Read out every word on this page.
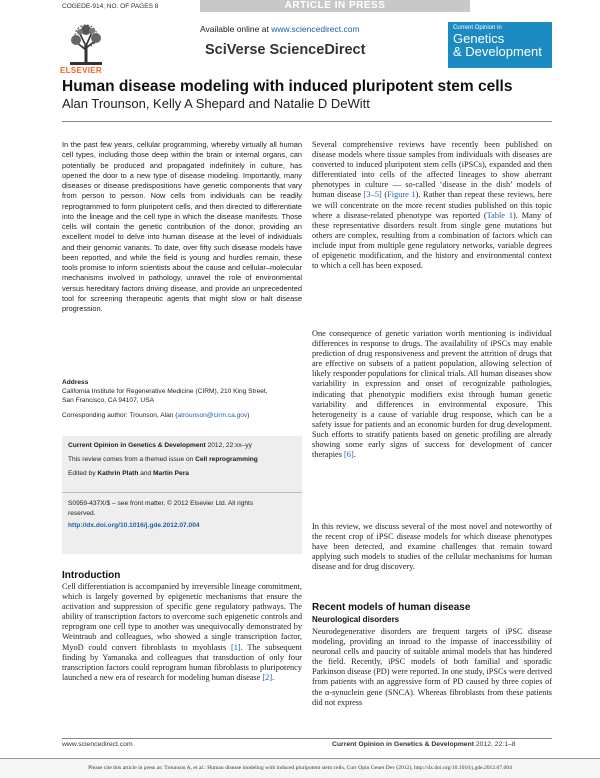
COGEDE-914; NO. OF PAGES 8	ARTICLE IN PRESS
ELSEVIER
Available online at www.sciencedirect.com
SciVerse ScienceDirect
Current Opinion in
Genetics
& Development
Human disease modeling with induced pluripotent stem cells
Alan Trounson, Kelly A Shepard and Natalie D DeWitt
In the past few years, cellular programming, whereby virtually all human cell types, including those deep within the brain or internal organs, can potentially be produced and propagated indefinitely in culture, has opened the door to a new type of disease modeling. Importantly, many diseases or disease predispositions have genetic components that vary from person to person. Now cells from individuals can be readily reprogrammed to form pluripotent cells, and then directed to differentiate into the lineage and the cell type in which the disease manifests. Those cells will contain the genetic contribution of the donor, providing an excellent model to delve into human disease at the level of individuals and their genomic variants. To date, over fifty such disease models have been reported, and while the field is young and hurdles remain, these tools promise to inform scientists about the cause and cellular–molecular mechanisms involved in pathology, unravel the role of environmental versus hereditary factors driving disease, and provide an unprecedented tool for screening therapeutic agents that might slow or halt disease progression.
Address
California Institute for Regenerative Medicine (CIRM), 210 King Street,
San Francisco, CA 94107, USA
Corresponding author: Trounson, Alan (atrounson@cirm.ca.gov)
Current Opinion in Genetics & Development 2012, 22:xx–yy
This review comes from a themed issue on Cell reprogramming
Edited by Kathrin Plath and Martin Pera
S0959-437X/$ – see front matter, © 2012 Elsevier Ltd. All rights
reserved.
http://dx.doi.org/10.1016/j.gde.2012.07.004
Introduction
Cell differentiation is accompanied by irreversible lineage commitment, which is largely governed by epigenetic mechanisms that ensure the activation and suppression of specific gene regulatory pathways. The ability of transcription factors to overcome such epigenetic controls and reprogram one cell type to another was unequivocally demonstrated by Weintraub and colleagues, who showed a single transcription factor, MyoD could convert fibroblasts to myoblasts [1]. The subsequent finding by Yamanaka and colleagues that transduction of only four transcription factors could reprogram human fibroblasts to pluripotency launched a new era of research for modeling human disease [2].
Several comprehensive reviews have recently been published on disease models where tissue samples from individuals with diseases are converted to induced pluripotent stem cells (iPSCs), expanded and then differentiated into cells of the affected lineages to show aberrant phenotypes in culture — so-called ‘disease in the dish’ models of human disease [3–5] (Figure 1). Rather than repeat these reviews, here we will concentrate on the more recent studies published on this topic where a disease-related phenotype was reported (Table 1). Many of these representative disorders result from single gene mutations but others are complex, resulting from a combination of factors which can include input from multiple gene regulatory networks, variable degrees of epigenetic modification, and the history and environmental context to which a cell has been exposed.
One consequence of genetic variation worth mentioning is individual differences in response to drugs. The availability of iPSCs may enable prediction of drug responsiveness and prevent the attrition of drugs that are effective on subsets of a patient population, allowing selection of likely responder populations for clinical trials. All human diseases show variability in expression and onset of recognizable pathologies, indicating that phenotypic modifiers exist through human genetic variability and differences in environmental exposure. This heterogeneity is a cause of variable drug response, which can be a safety issue for patients and an economic burden for drug development. Such efforts to stratify patients based on genetic profiling are already showing some early signs of success for development of cancer therapies [6].
In this review, we discuss several of the most novel and noteworthy of the recent crop of iPSC disease models for which disease phenotypes have been detected, and examine challenges that remain toward applying such models to studies of the cellular mechanisms for human disease and for drug discovery.
Recent models of human disease
Neurological disorders
Neurodegenerative disorders are frequent targets of iPSC disease modeling, providing an inroad to the impasse of inaccessibility of neuronal cells and paucity of suitable animal models that has hindered the field. Recently, iPSC models of both familial and sporadic Parkinson disease (PD) were reported. In one study, iPSCs were derived from patients with an aggressive form of PD caused by three copies of the α-synuclein gene (SNCA). Whereas fibroblasts from these patients did not express
www.sciencedirect.com	Current Opinion in Genetics & Development 2012, 22:1–8
Please cite this article in press as: Trounson A, et al.: Human disease modeling with induced pluripotent stem cells, Curr Opin Genet Dev (2012), http://dx.doi.org/10.1016/j.gde.2012.07.004
